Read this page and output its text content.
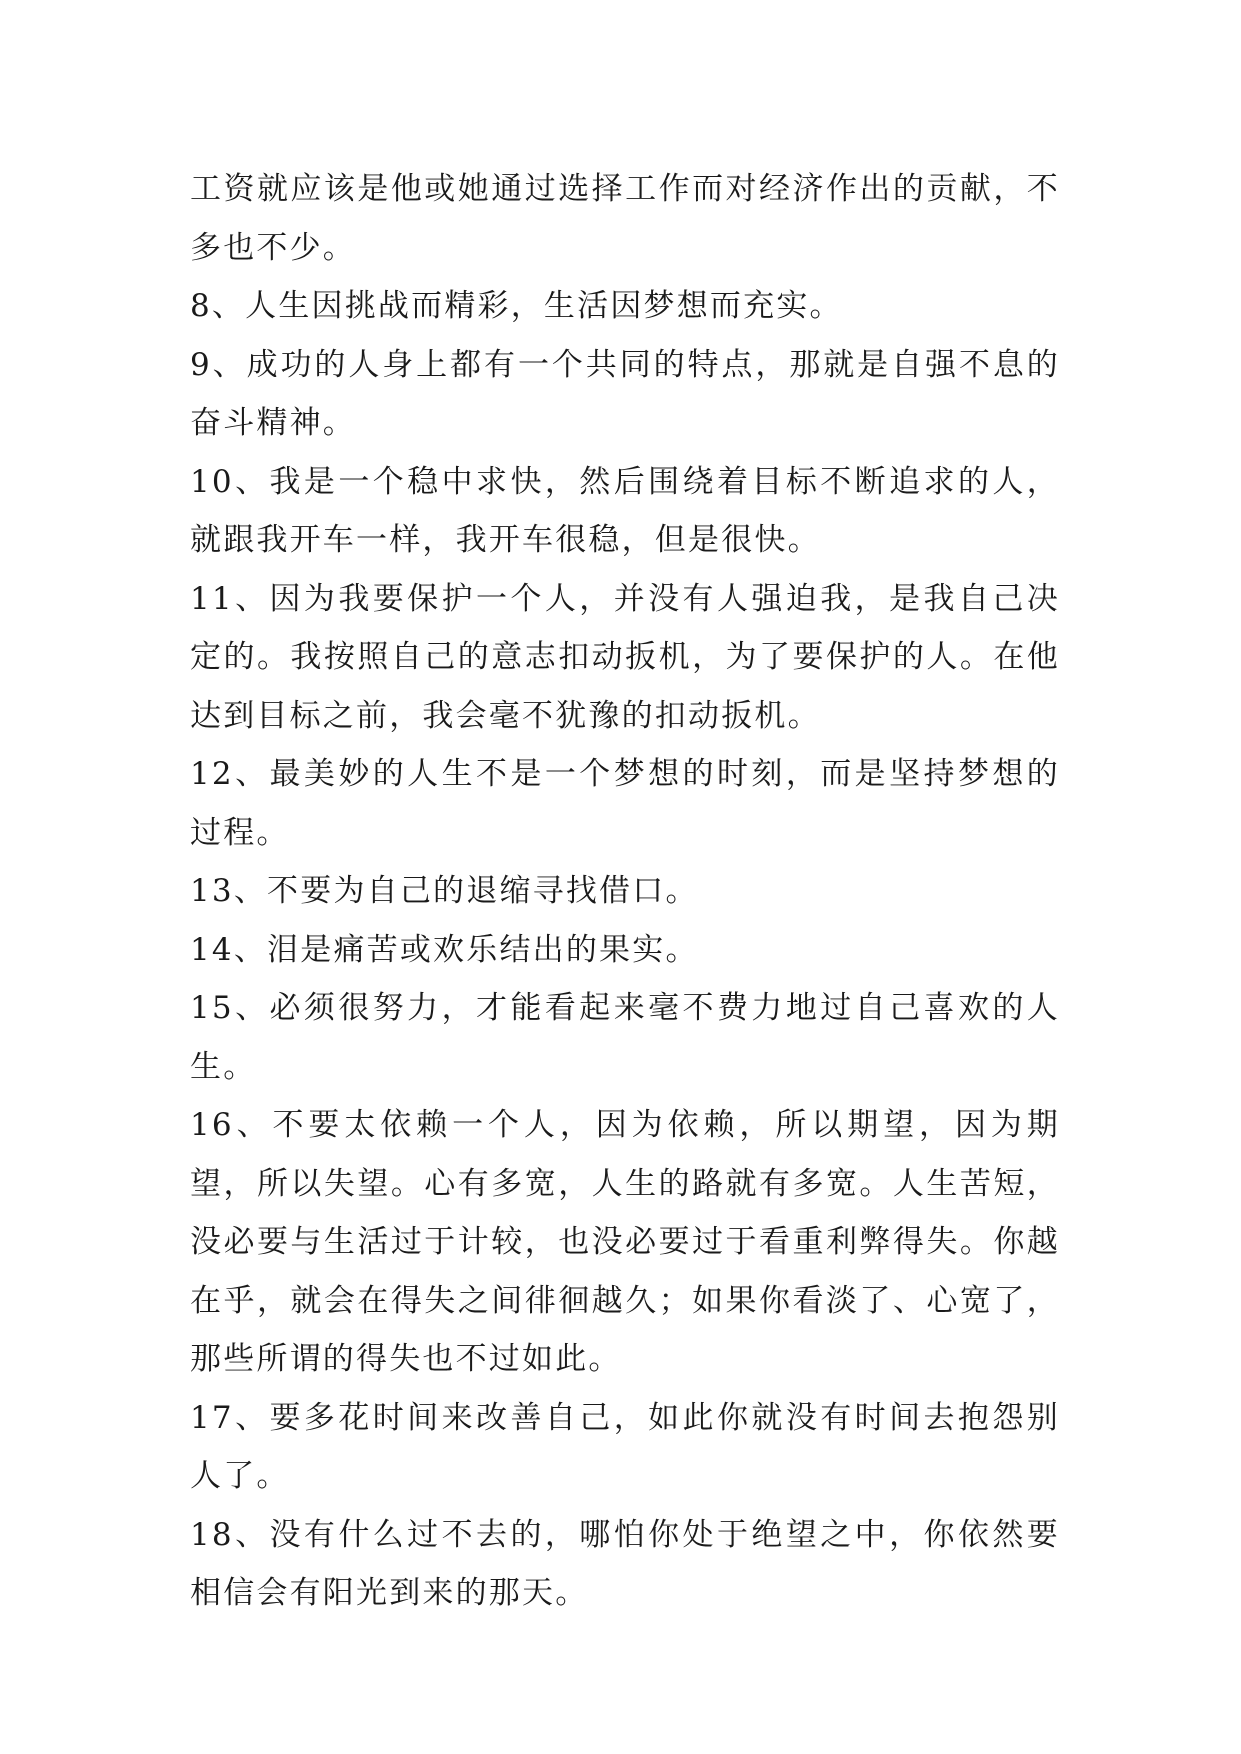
工资就应该是他或她通过选择工作而对经济作出的贡献，不多也不少。

8、人生因挑战而精彩，生活因梦想而充实。

9、成功的人身上都有一个共同的特点，那就是自强不息的奋斗精神。

10、我是一个稳中求快，然后围绕着目标不断追求的人，就跟我开车一样，我开车很稳，但是很快。

11、因为我要保护一个人，并没有人强迫我，是我自己决定的。我按照自己的意志扣动扳机，为了要保护的人。在他达到目标之前，我会毫不犹豫的扣动扳机。

12、最美妙的人生不是一个梦想的时刻，而是坚持梦想的过程。

13、不要为自己的退缩寻找借口。

14、泪是痛苦或欢乐结出的果实。

15、必须很努力，才能看起来毫不费力地过自己喜欢的人生。

16、不要太依赖一个人，因为依赖，所以期望，因为期望，所以失望。心有多宽，人生的路就有多宽。人生苦短，没必要与生活过于计较，也没必要过于看重利弊得失。你越在乎，就会在得失之间徘徊越久；如果你看淡了、心宽了，那些所谓的得失也不过如此。

17、要多花时间来改善自己，如此你就没有时间去抱怨别人了。

18、没有什么过不去的，哪怕你处于绝望之中，你依然要相信会有阳光到来的那天。
